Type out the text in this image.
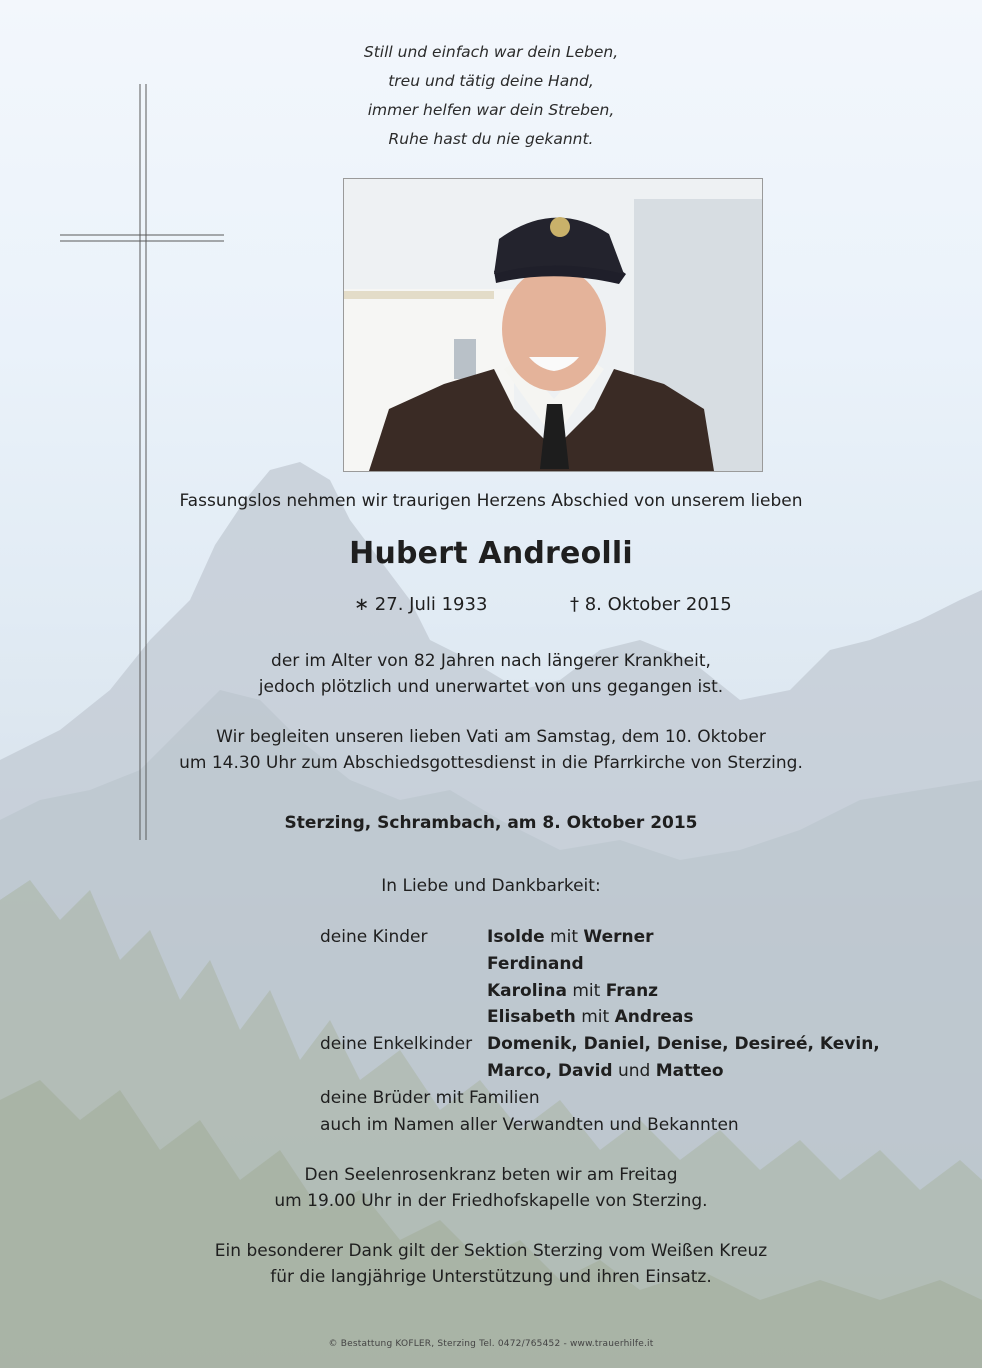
Still und einfach war dein Leben,
treu und tätig deine Hand,
immer helfen war dein Streben,
Ruhe hast du nie gekannt.
Fassungslos nehmen wir traurigen Herzens Abschied von unserem lieben
Hubert Andreolli
∗ 27. Juli 1933	† 8. Oktober 2015
der im Alter von 82 Jahren nach längerer Krankheit,
jedoch plötzlich und unerwartet von uns gegangen ist.
Wir begleiten unseren lieben Vati am Samstag, dem 10. Oktober
um 14.30 Uhr zum Abschiedsgottesdienst in die Pfarrkirche von Sterzing.
Sterzing, Schrambach, am 8. Oktober 2015
In Liebe und Dankbarkeit:
deine Kinder	Isolde mit Werner
Ferdinand
Karolina mit Franz
Elisabeth mit Andreas
deine Enkelkinder Domenik, Daniel, Denise, Desireé, Kevin,
Marco, David und Matteo
deine Brüder mit Familien
auch im Namen aller Verwandten und Bekannten
Den Seelenrosenkranz beten wir am Freitag
um 19.00 Uhr in der Friedhofskapelle von Sterzing.
Ein besonderer Dank gilt der Sektion Sterzing vom Weißen Kreuz
für die langjährige Unterstützung und ihren Einsatz.
© Bestattung KOFLER, Sterzing Tel. 0472/765452 - www.trauerhilfe.it
